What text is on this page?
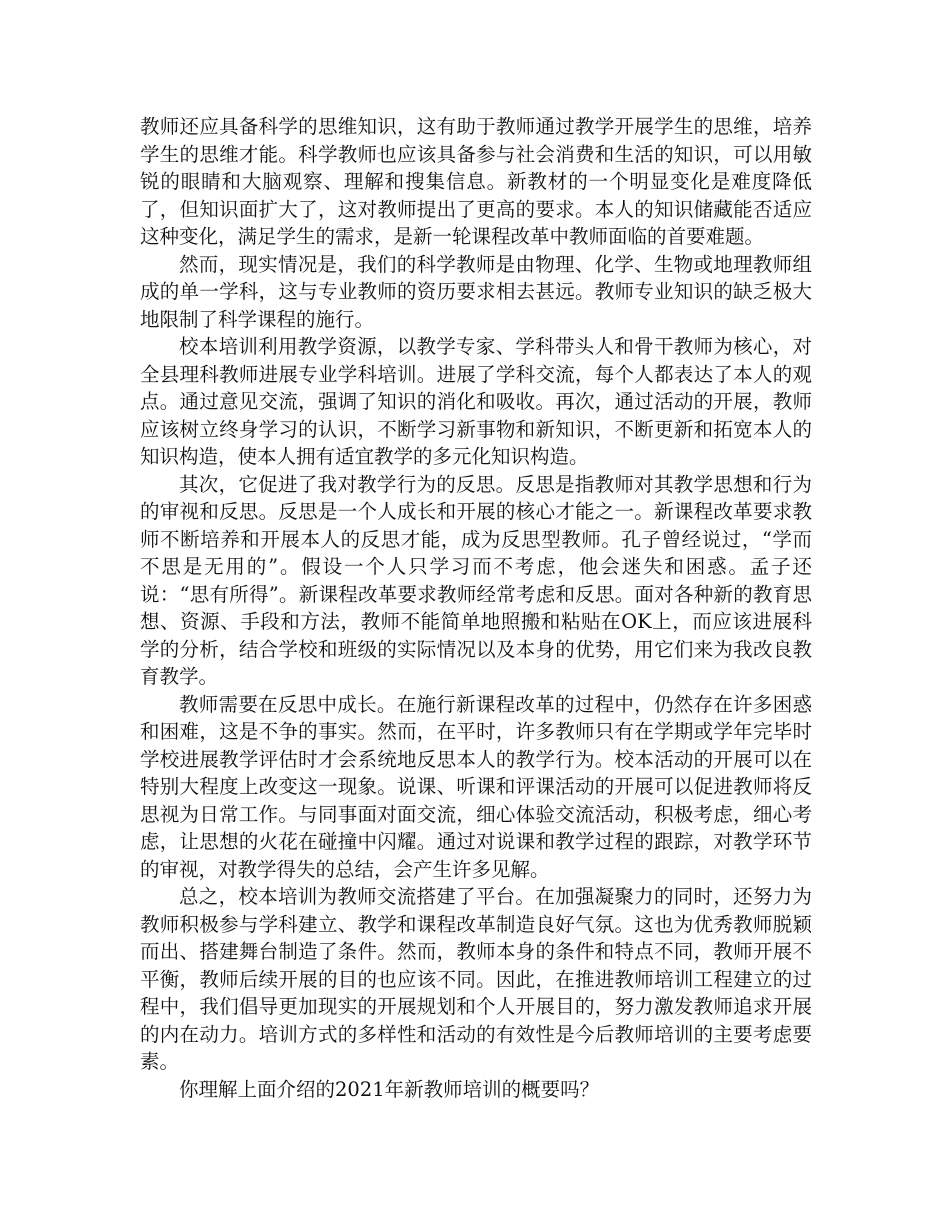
教师还应具备科学的思维知识，这有助于教师通过教学开展学生的思维，培养学生的思维才能。科学教师也应该具备参与社会消费和生活的知识，可以用敏锐的眼睛和大脑观察、理解和搜集信息。新教材的一个明显变化是难度降低了，但知识面扩大了，这对教师提出了更高的要求。本人的知识储藏能否适应这种变化，满足学生的需求，是新一轮课程改革中教师面临的首要难题。

然而，现实情况是，我们的科学教师是由物理、化学、生物或地理教师组成的单一学科，这与专业教师的资历要求相去甚远。教师专业知识的缺乏极大地限制了科学课程的施行。

校本培训利用教学资源，以教学专家、学科带头人和骨干教师为核心，对全县理科教师进展专业学科培训。进展了学科交流，每个人都表达了本人的观点。通过意见交流，强调了知识的消化和吸收。再次，通过活动的开展，教师应该树立终身学习的认识，不断学习新事物和新知识，不断更新和拓宽本人的知识构造，使本人拥有适宜教学的多元化知识构造。

其次，它促进了我对教学行为的反思。反思是指教师对其教学思想和行为的审视和反思。反思是一个人成长和开展的核心才能之一。新课程改革要求教师不断培养和开展本人的反思才能，成为反思型教师。孔子曾经说过，“学而不思是无用的”。假设一个人只学习而不考虑，他会迷失和困惑。孟子还说：“思有所得”。新课程改革要求教师经常考虑和反思。面对各种新的教育思想、资源、手段和方法，教师不能简单地照搬和粘贴在OK上，而应该进展科学的分析，结合学校和班级的实际情况以及本身的优势，用它们来为我改良教育教学。

教师需要在反思中成长。在施行新课程改革的过程中，仍然存在许多困惑和困难，这是不争的事实。然而，在平时，许多教师只有在学期或学年完毕时学校进展教学评估时才会系统地反思本人的教学行为。校本活动的开展可以在特别大程度上改变这一现象。说课、听课和评课活动的开展可以促进教师将反思视为日常工作。与同事面对面交流，细心体验交流活动，积极考虑，细心考虑，让思想的火花在碰撞中闪耀。通过对说课和教学过程的跟踪，对教学环节的审视，对教学得失的总结，会产生许多见解。

总之，校本培训为教师交流搭建了平台。在加强凝聚力的同时，还努力为教师积极参与学科建立、教学和课程改革制造良好气氛。这也为优秀教师脱颖而出、搭建舞台制造了条件。然而，教师本身的条件和特点不同，教师开展不平衡，教师后续开展的目的也应该不同。因此，在推进教师培训工程建立的过程中，我们倡导更加现实的开展规划和个人开展目的，努力激发教师追求开展的内在动力。培训方式的多样性和活动的有效性是今后教师培训的主要考虑要素。

你理解上面介绍的2021年新教师培训的概要吗？
